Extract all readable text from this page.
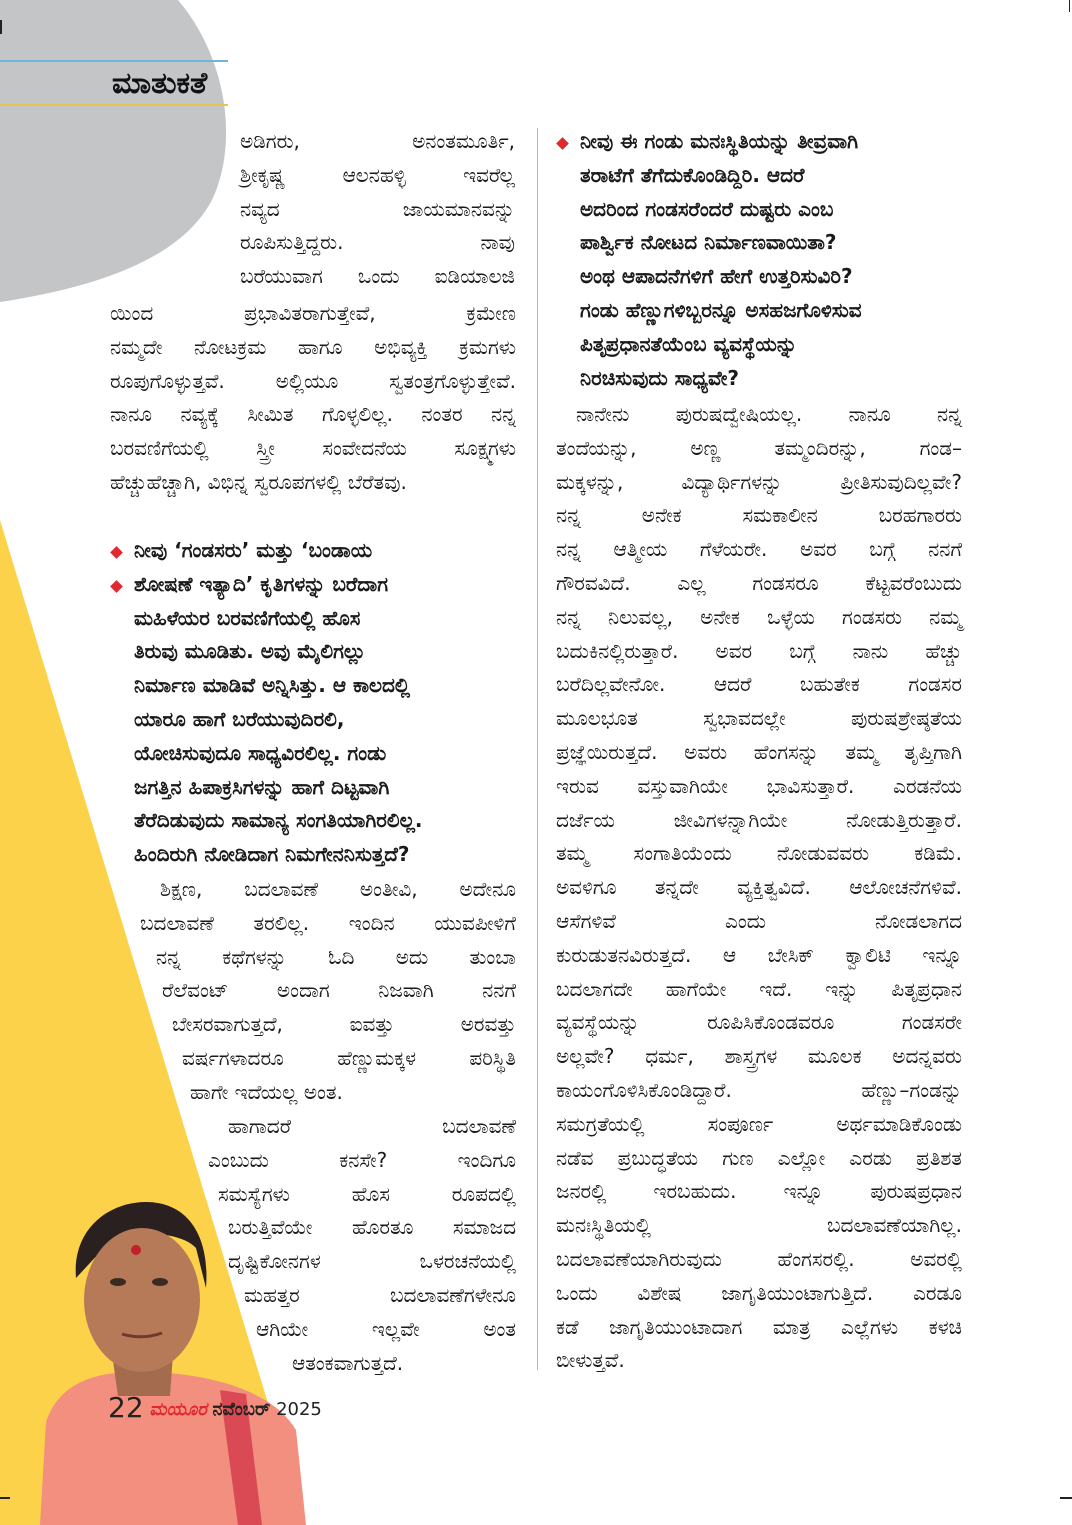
ಮಾತುಕತೆ

ಅಡಿಗರು, ಅನಂತಮೂರ್ತಿ,

ಶ್ರೀಕೃಷ್ಣ ಆಲನಹಳ್ಳಿ ಇವರೆಲ್ಲ

ನವ್ಯದ ಜಾಯಮಾನವನ್ನು

ರೂಪಿಸುತ್ತಿದ್ದರು. ನಾವು

ಬರೆಯುವಾಗ ಒಂದು ಐಡಿಯಾಲಜಿ

ಯಿಂದ ಪ್ರಭಾವಿತರಾಗುತ್ತೇವೆ, ಕ್ರಮೇಣ

ನಮ್ಮದೇ ನೋಟಕ್ರಮ ಹಾಗೂ ಅಭಿವ್ಯಕ್ತಿ ಕ್ರಮಗಳು

ರೂಪುಗೊಳ್ಳುತ್ತವೆ. ಅಲ್ಲಿಯೂ ಸ್ವತಂತ್ರಗೊಳ್ಳುತ್ತೇವೆ.

ನಾನೂ ನವ್ಯಕ್ಕೆ ಸೀಮಿತ ಗೊಳ್ಳಲಿಲ್ಲ. ನಂತರ ನನ್ನ

ಬರವಣಿಗೆಯಲ್ಲಿ ಸ್ತ್ರೀ ಸಂವೇದನೆಯ ಸೂಕ್ಷ್ಮಗಳು

ಹೆಚ್ಚುಹೆಚ್ಚಾಗಿ, ವಿಭಿನ್ನ ಸ್ವರೂಪಗಳಲ್ಲಿ ಬೆರೆತವು.

ನೀವು ‘ಗಂಡಸರು’ ಮತ್ತು ‘ಬಂಡಾಯ

ಶೋಷಣೆ ಇತ್ಯಾದಿ’ ಕೃತಿಗಳನ್ನು ಬರೆದಾಗ

ಮಹಿಳೆಯರ ಬರವಣಿಗೆಯಲ್ಲಿ ಹೊಸ

ತಿರುವು ಮೂಡಿತು. ಅವು ಮೈಲಿಗಲ್ಲು

ನಿರ್ಮಾಣ ಮಾಡಿವೆ ಅನ್ನಿಸಿತ್ತು. ಆ ಕಾಲದಲ್ಲಿ

ಯಾರೂ ಹಾಗೆ ಬರೆಯುವುದಿರಲಿ,

ಯೋಚಿಸುವುದೂ ಸಾಧ್ಯವಿರಲಿಲ್ಲ. ಗಂಡು

ಜಗತ್ತಿನ ಹಿಪಾಕ್ರಸಿಗಳನ್ನು ಹಾಗೆ ದಿಟ್ಟವಾಗಿ

ತೆರೆದಿಡುವುದು ಸಾಮಾನ್ಯ ಸಂಗತಿಯಾಗಿರಲಿಲ್ಲ.

ಹಿಂದಿರುಗಿ ನೋಡಿದಾಗ ನಿಮಗೇನನಿಸುತ್ತದೆ?

ಶಿಕ್ಷಣ, ಬದಲಾವಣೆ ಅಂತೀವಿ, ಅದೇನೂ

ಬದಲಾವಣೆ ತರಲಿಲ್ಲ. ಇಂದಿನ ಯುವಪೀಳಿಗೆ

ನನ್ನ ಕಥೆಗಳನ್ನು ಓದಿ ಅದು ತುಂಬಾ

ರೆಲೆವಂಟ್ ಅಂದಾಗ ನಿಜವಾಗಿ ನನಗೆ

ಬೇಸರವಾಗುತ್ತದೆ, ಐವತ್ತು ಅರವತ್ತು

ವರ್ಷಗಳಾದರೂ ಹೆಣ್ಣುಮಕ್ಕಳ ಪರಿಸ್ಥಿತಿ

ಹಾಗೇ ಇದೆಯಲ್ಲ ಅಂತ.

ಹಾಗಾದರೆ ಬದಲಾವಣೆ

ಎಂಬುದು ಕನಸೇ? ಇಂದಿಗೂ

ಸಮಸ್ಯೆಗಳು ಹೊಸ ರೂಪದಲ್ಲಿ

ಬರುತ್ತಿವೆಯೇ ಹೊರತೂ ಸಮಾಜದ

ದೃಷ್ಟಿಕೋನಗಳ ಒಳರಚನೆಯಲ್ಲಿ

ಮಹತ್ತರ ಬದಲಾವಣೆಗಳೇನೂ

ಆಗಿಯೇ ಇಲ್ಲವೇ ಅಂತ

ಆತಂಕವಾಗುತ್ತದೆ.

ನೀವು ಈ ಗಂಡು ಮನಃಸ್ಥಿತಿಯನ್ನು ತೀವ್ರವಾಗಿ

ತರಾಟೆಗೆ ತೆಗೆದುಕೊಂಡಿದ್ದಿರಿ. ಆದರೆ

ಅದರಿಂದ ಗಂಡಸರೆಂದರೆ ದುಷ್ಟರು ಎಂಬ

ಪಾರ್ಶ್ವಿಕ ನೋಟದ ನಿರ್ಮಾಣವಾಯಿತಾ?

ಅಂಥ ಆಪಾದನೆಗಳಿಗೆ ಹೇಗೆ ಉತ್ತರಿಸುವಿರಿ?

ಗಂಡು ಹೆಣ್ಣುಗಳಿಬ್ಬರನ್ನೂ ಅಸಹಜಗೊಳಿಸುವ

ಪಿತೃಪ್ರಧಾನತೆಯೆಂಬ ವ್ಯವಸ್ಥೆಯನ್ನು

ನಿರಚಿಸುವುದು ಸಾಧ್ಯವೇ?

ನಾನೇನು ಪುರುಷದ್ವೇಷಿಯಲ್ಲ. ನಾನೂ ನನ್ನ

ತಂದೆಯನ್ನು, ಅಣ್ಣ ತಮ್ಮಂದಿರನ್ನು, ಗಂಡ–

ಮಕ್ಕಳನ್ನು, ವಿದ್ಯಾರ್ಥಿಗಳನ್ನು ಪ್ರೀತಿಸುವುದಿಲ್ಲವೇ?

ನನ್ನ ಅನೇಕ ಸಮಕಾಲೀನ ಬರಹಗಾರರು

ನನ್ನ ಆತ್ಮೀಯ ಗೆಳೆಯರೇ. ಅವರ ಬಗ್ಗೆ ನನಗೆ

ಗೌರವವಿದೆ. ಎಲ್ಲ ಗಂಡಸರೂ ಕೆಟ್ಟವರೆಂಬುದು

ನನ್ನ ನಿಲುವಲ್ಲ, ಅನೇಕ ಒಳ್ಳೆಯ ಗಂಡಸರು ನಮ್ಮ

ಬದುಕಿನಲ್ಲಿರುತ್ತಾರೆ. ಅವರ ಬಗ್ಗೆ ನಾನು ಹೆಚ್ಚು

ಬರೆದಿಲ್ಲವೇನೋ. ಆದರೆ ಬಹುತೇಕ ಗಂಡಸರ

ಮೂಲಭೂತ ಸ್ವಭಾವದಲ್ಲೇ ಪುರುಷಶ್ರೇಷ್ಠತೆಯ

ಪ್ರಜ್ಞೆಯಿರುತ್ತದೆ. ಅವರು ಹೆಂಗಸನ್ನು ತಮ್ಮ ತೃಪ್ತಿಗಾಗಿ

ಇರುವ ವಸ್ತುವಾಗಿಯೇ ಭಾವಿಸುತ್ತಾರೆ. ಎರಡನೆಯ

ದರ್ಜೆಯ ಜೀವಿಗಳನ್ನಾಗಿಯೇ ನೋಡುತ್ತಿರುತ್ತಾರೆ.

ತಮ್ಮ ಸಂಗಾತಿಯೆಂದು ನೋಡುವವರು ಕಡಿಮೆ.

ಅವಳಿಗೂ ತನ್ನದೇ ವ್ಯಕ್ತಿತ್ವವಿದೆ. ಆಲೋಚನೆಗಳಿವೆ.

ಆಸೆಗಳಿವೆ ಎಂದು ನೋಡಲಾಗದ

ಕುರುಡುತನವಿರುತ್ತದೆ. ಆ ಬೇಸಿಕ್ ಕ್ವಾಲಿಟಿ ಇನ್ನೂ

ಬದಲಾಗದೇ ಹಾಗೆಯೇ ಇದೆ. ಇನ್ನು ಪಿತೃಪ್ರಧಾನ

ವ್ಯವಸ್ಥೆಯನ್ನು ರೂಪಿಸಿಕೊಂಡವರೂ ಗಂಡಸರೇ

ಅಲ್ಲವೇ? ಧರ್ಮ, ಶಾಸ್ತ್ರಗಳ ಮೂಲಕ ಅದನ್ನವರು

ಕಾಯಂಗೊಳಿಸಿಕೊಂಡಿದ್ದಾರೆ. ಹೆಣ್ಣು–ಗಂಡನ್ನು

ಸಮಗ್ರತೆಯಲ್ಲಿ ಸಂಪೂರ್ಣ ಅರ್ಥಮಾಡಿಕೊಂಡು

ನಡೆವ ಪ್ರಬುದ್ಧತೆಯ ಗುಣ ಎಲ್ಲೋ ಎರಡು ಪ್ರತಿಶತ

ಜನರಲ್ಲಿ ಇರಬಹುದು. ಇನ್ನೂ ಪುರುಷಪ್ರಧಾನ

ಮನಃಸ್ಥಿತಿಯಲ್ಲಿ ಬದಲಾವಣೆಯಾಗಿಲ್ಲ.

ಬದಲಾವಣೆಯಾಗಿರುವುದು ಹೆಂಗಸರಲ್ಲಿ. ಅವರಲ್ಲಿ

ಒಂದು ವಿಶೇಷ ಜಾಗೃತಿಯುಂಟಾಗುತ್ತಿದೆ. ಎರಡೂ

ಕಡೆ ಜಾಗೃತಿಯುಂಟಾದಾಗ ಮಾತ್ರ ಎಲ್ಲೆಗಳು ಕಳಚಿ

ಬೀಳುತ್ತವೆ.

22 ಮಯೂರ ನವೆಂಬರ್ 2025
